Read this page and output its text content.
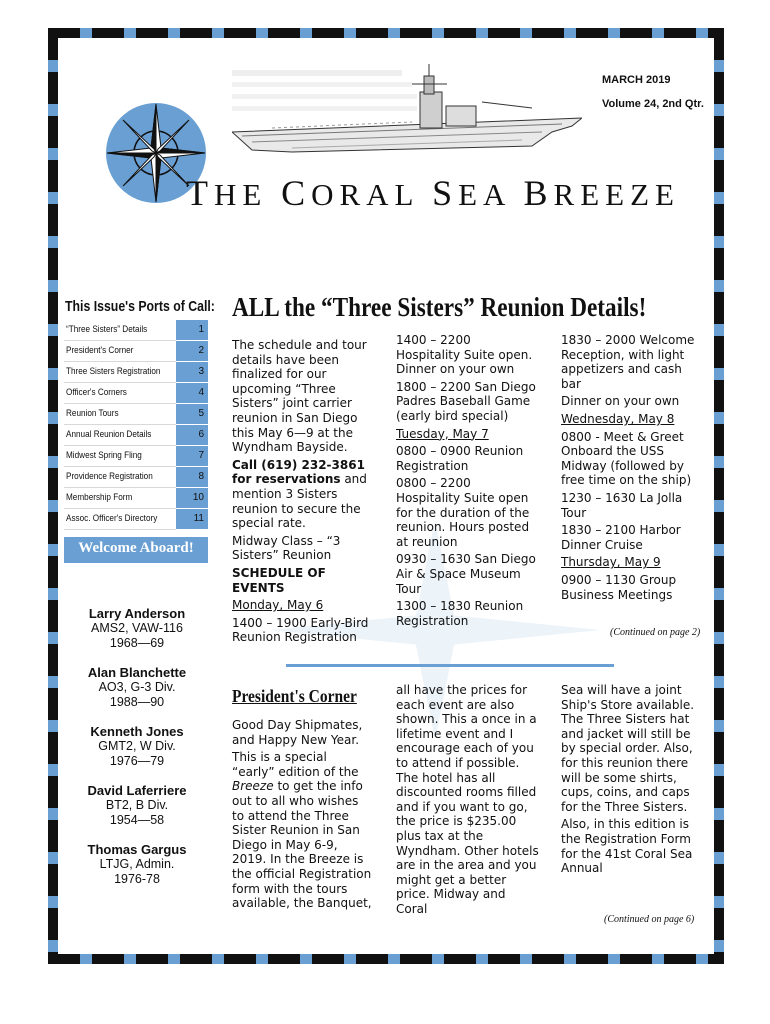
MARCH 2019
Volume 24, 2nd Qtr.
THE CORAL SEA BREEZE
This Issue's Ports of Call:
“Three Sisters” Details	1
President's Corner	2
Three Sisters Registration	3
Officer's Corners	4
Reunion Tours	5
Annual Reunion Details	6
Midwest Spring Fling	7
Providence Registration	8
Membership Form	10
Assoc. Officer's Directory	11
Welcome Aboard!
Larry Anderson
AMS2, VAW-116
1968—69
Alan Blanchette
AO3, G-3 Div.
1988—90
Kenneth Jones
GMT2, W Div.
1976—79
David Laferriere
BT2, B Div.
1954—58
Thomas Gargus
LTJG, Admin.
1976-78
ALL the “Three Sisters” Reunion Details!

The schedule and tour details have been finalized for our upcoming “Three Sisters” joint carrier reunion in San Diego this May 6—9 at the Wyndham Bayside.

Call (619) 232-3861 for reservations and mention 3 Sisters reunion to secure the special rate.

Midway Class – “3 Sisters” Reunion

SCHEDULE OF EVENTS

Monday, May 6

1400 – 1900 Early-Bird Reunion Registration

1400 – 2200 Hospitality Suite open. Dinner on your own

1800 – 2200 San Diego Padres Baseball Game (early bird special)

Tuesday, May 7

0800 – 0900 Reunion Registration

0800 – 2200 Hospitality Suite open for the duration of the reunion. Hours posted at reunion

0930 – 1630 San Diego Air & Space Museum Tour

1300 – 1830 Reunion Registration

1830 – 2000 Welcome Reception, with light appetizers and cash bar

Dinner on your own

Wednesday, May 8

0800 - Meet & Greet Onboard the USS Midway (followed by free time on the ship)

1230 – 1630 La Jolla Tour

1830 – 2100 Harbor Dinner Cruise

Thursday, May 9

0900 – 1130 Group Business Meetings

(Continued on page 2)
President's Corner

Good Day Shipmates, and Happy New Year.

This is a special “early” edition of the Breeze to get the info out to all who wishes to attend the Three Sister Reunion in San Diego in May 6-9, 2019. In the Breeze is the official Registration form with the tours available, the Banquet,

all have the prices for each event are also shown. This a once in a lifetime event and I encourage each of you to attend if possible. The hotel has all discounted rooms filled and if you want to go, the price is $235.00 plus tax at the Wyndham. Other hotels are in the area and you might get a better price. Midway and Coral

Sea will have a joint Ship's Store available. The Three Sisters hat and jacket will still be by special order. Also, for this reunion there will be some shirts, cups, coins, and caps for the Three Sisters.

Also, in this edition is the Registration Form for the 41st Coral Sea Annual

(Continued on page 6)
